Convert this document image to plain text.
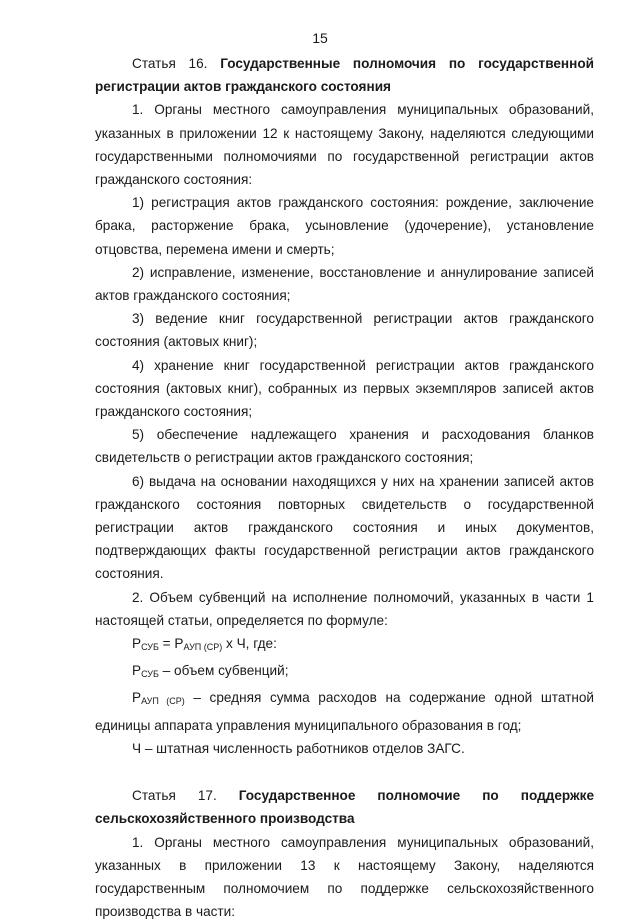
15

Статья 16. Государственные полномочия по государственной регистрации актов гражданского состояния

1. Органы местного самоуправления муниципальных образований, указанных в приложении 12 к настоящему Закону, наделяются следующими государственными полномочиями по государственной регистрации актов гражданского состояния:

1) регистрация актов гражданского состояния: рождение, заключение брака, расторжение брака, усыновление (удочерение), установление отцовства, перемена имени и смерть;

2) исправление, изменение, восстановление и аннулирование записей актов гражданского состояния;

3) ведение книг государственной регистрации актов гражданского состояния (актовых книг);

4) хранение книг государственной регистрации актов гражданского состояния (актовых книг), собранных из первых экземпляров записей актов гражданского состояния;

5) обеспечение надлежащего хранения и расходования бланков свидетельств о регистрации актов гражданского состояния;

6) выдача на основании находящихся у них на хранении записей актов гражданского состояния повторных свидетельств о государственной регистрации актов гражданского состояния и иных документов, подтверждающих факты государственной регистрации актов гражданского состояния.

2. Объем субвенций на исполнение полномочий, указанных в части 1 настоящей статьи, определяется по формуле:

$Р_{СУБ} = Р_{АУП (СР)}$ х Ч, где:

$Р_{СУБ}$ – объем субвенций;

$Р_{АУП (СР)}$ – средняя сумма расходов на содержание одной штатной единицы аппарата управления муниципального образования в год;

Ч – штатная численность работников отделов ЗАГС.

Статья 17. Государственное полномочие по поддержке сельскохозяйственного производства

1. Органы местного самоуправления муниципальных образований, указанных в приложении 13 к настоящему Закону, наделяются государственным полномочием по поддержке сельскохозяйственного производства в части:
